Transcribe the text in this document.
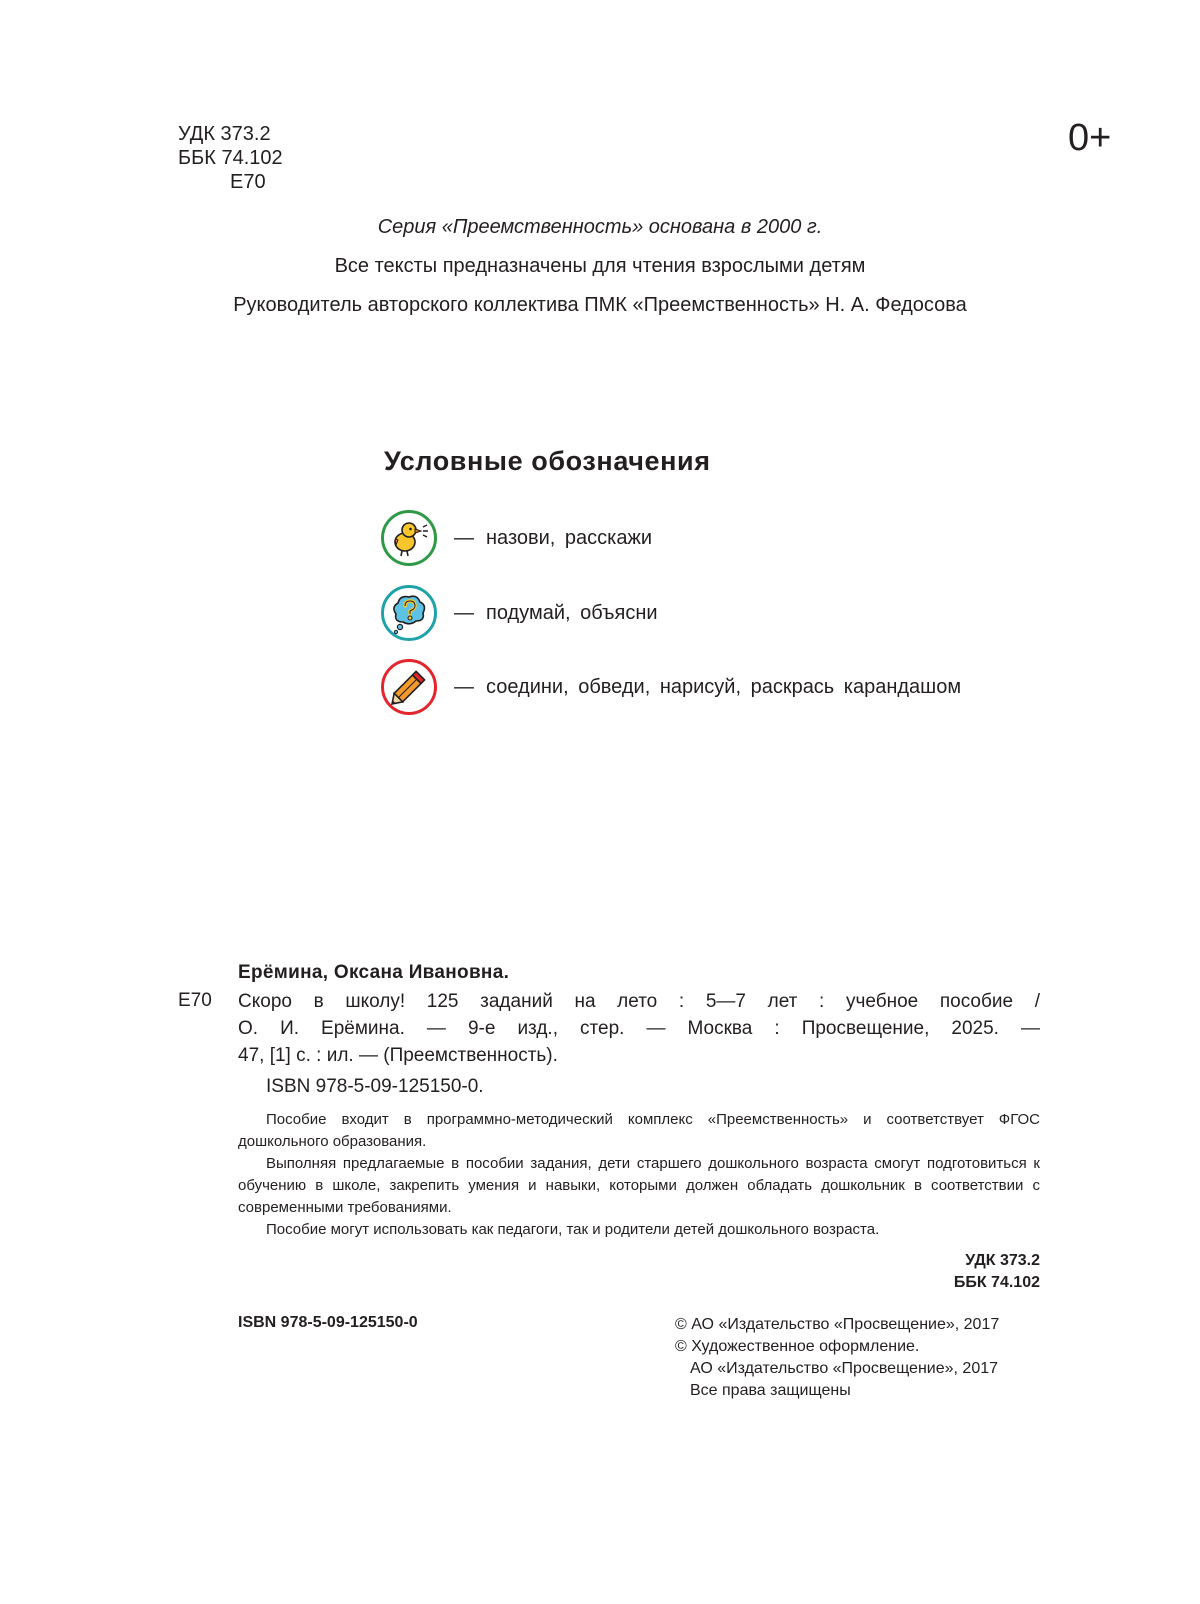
УДК 373.2
ББК 74.102
Е70
0+
Серия «Преемственность» основана в 2000 г.
Все тексты предназначены для чтения взрослыми детям
Руководитель авторского коллектива ПМК «Преемственность» Н. А. Федосова
Условные обозначения
— назови, расскажи
— подумай, объясни
— соедини, обведи, нарисуй, раскрась карандашом
Ерёмина, Оксана Ивановна.
Е70 Скоро в школу! 125 заданий на лето : 5—7 лет : учебное пособие /
О. И. Ерёмина. — 9-е изд., стер. — Москва : Просвещение, 2025. —
47, [1] с. : ил. — (Преемственность).
ISBN 978-5-09-125150-0.

Пособие входит в программно-методический комплекс «Преемственность» и соответствует ФГОС дошкольного образования.

Выполняя предлагаемые в пособии задания, дети старшего дошкольного возраста смогут подготовиться к обучению в школе, закрепить умения и навыки, которыми должен обладать дошкольник в соответствии с современными требованиями.

Пособие могут использовать как педагоги, так и родители детей дошкольного возраста.

УДК 373.2
ББК 74.102
ISBN 978-5-09-125150-0	© АО «Издательство «Просвещение», 2017
© Художественное оформление.
АО «Издательство «Просвещение», 2017
Все права защищены
